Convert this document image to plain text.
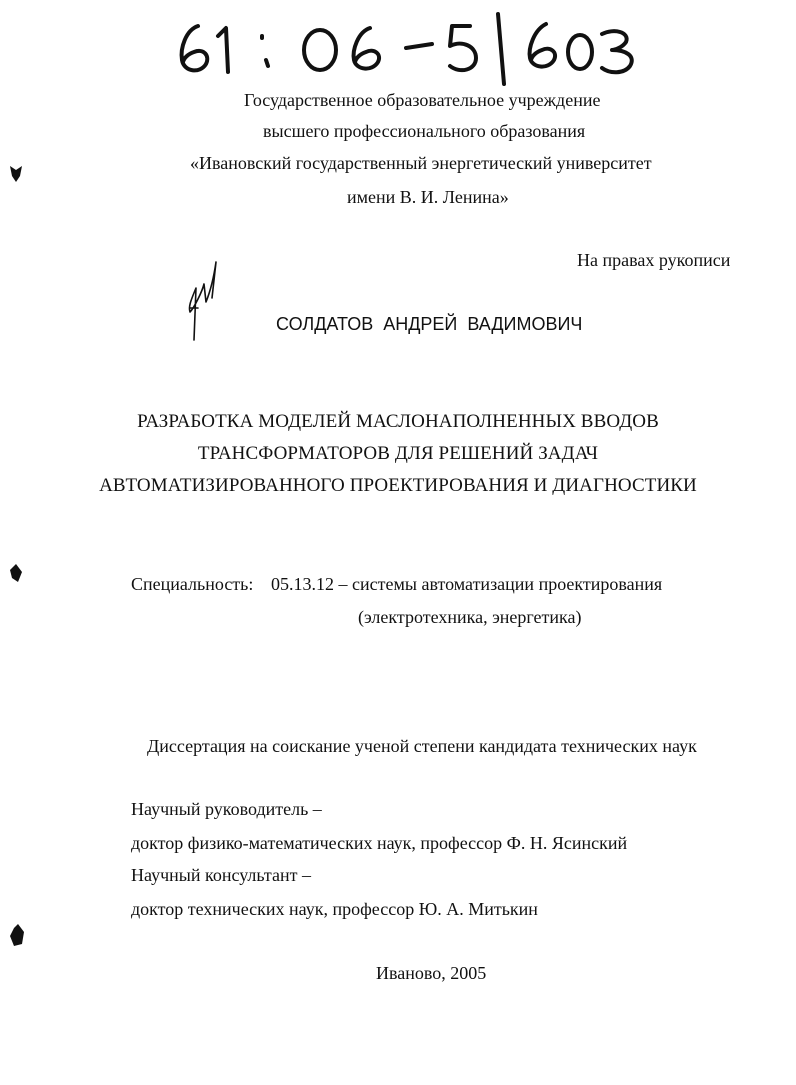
Государственное образовательное учреждение
высшего профессионального образования
«Ивановский государственный энергетический университет
имени В. И. Ленина»
На правах рукописи
СОЛДАТОВ  АНДРЕЙ  ВАДИМОВИЧ
РАЗРАБОТКА МОДЕЛЕЙ МАСЛОНАПОЛНЕННЫХ ВВОДОВ
ТРАНСФОРМАТОРОВ ДЛЯ РЕШЕНИЙ ЗАДАЧ
АВТОМАТИЗИРОВАННОГО ПРОЕКТИРОВАНИЯ И ДИАГНОСТИКИ
Специальность: 05.13.12 – системы автоматизации проектирования
(электротехника, энергетика)
Диссертация на соискание ученой степени кандидата технических наук
Научный руководитель –
доктор физико-математических наук, профессор Ф. Н. Ясинский
Научный консультант –
доктор технических наук, профессор Ю. А. Митькин
Иваново, 2005
